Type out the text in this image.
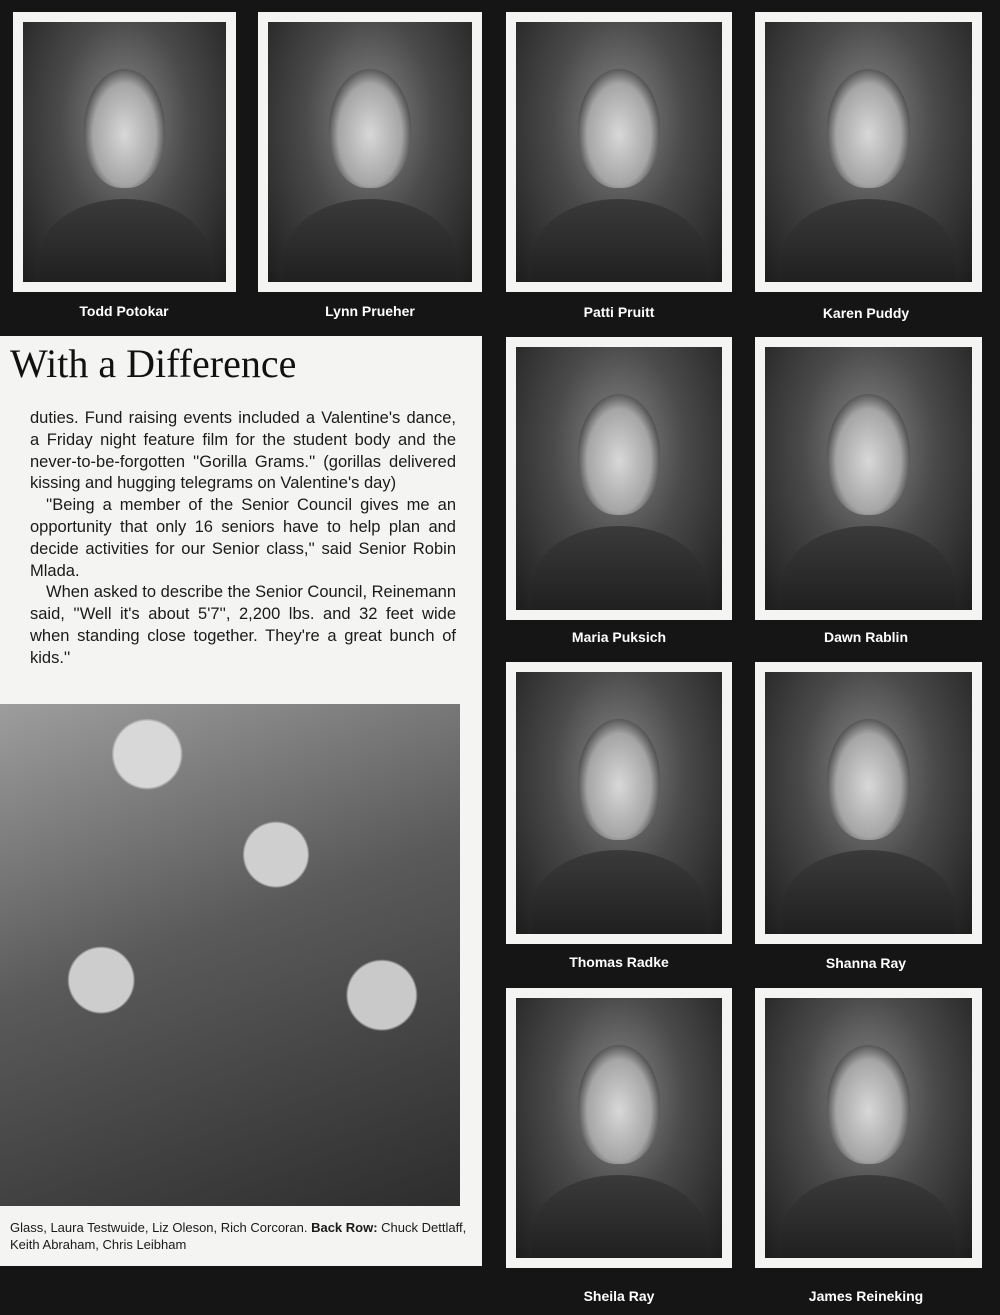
Todd Potokar	Lynn Prueher	Patti Pruitt	Karen Puddy
Maria Puksich	Dawn Rablin
Thomas Radke	Shanna Ray
Sheila Ray	James Reineking
With a Difference

duties. Fund raising events included a Valentine's dance, a Friday night feature film for the student body and the never-to-be-forgotten ''Gorilla Grams.'' (gorillas delivered kissing and hugging telegrams on Valentine's day)

''Being a member of the Senior Council gives me an opportunity that only 16 seniors have to help plan and decide activities for our Senior class,'' said Senior Robin Mlada.

When asked to describe the Senior Council, Reinemann said, ''Well it's about 5'7'', 2,200 lbs. and 32 feet wide when standing close together. They're a great bunch of kids.''

Glass, Laura Testwuide, Liz Oleson, Rich Corcoran. Back Row: Chuck Dettlaff, Keith Abraham, Chris Leibham
